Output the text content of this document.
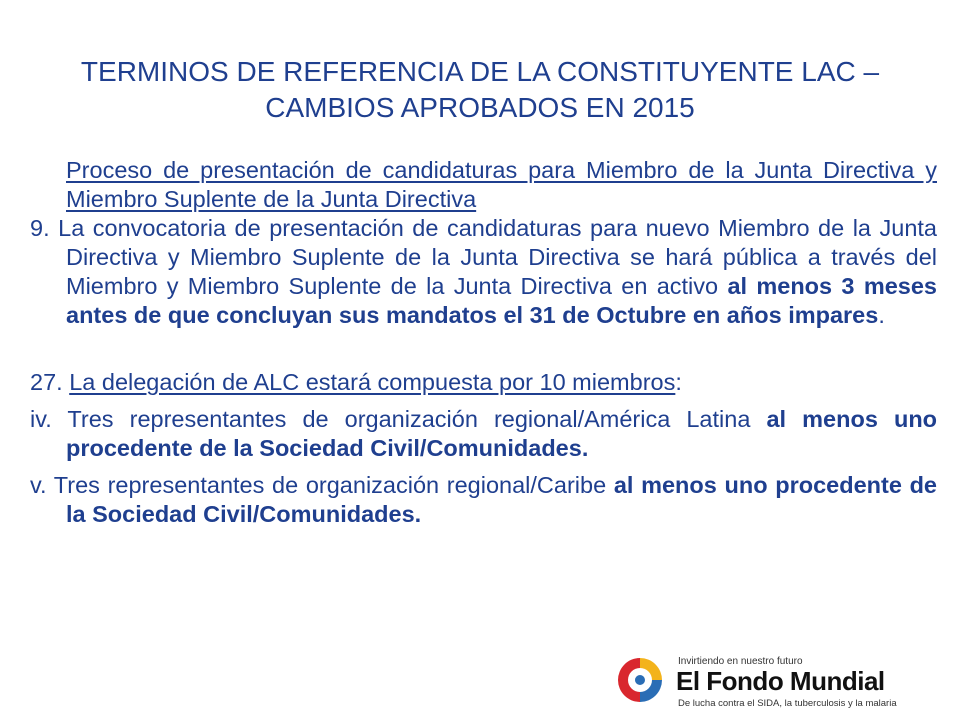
TERMINOS DE REFERENCIA DE LA CONSTITUYENTE LAC –
CAMBIOS APROBADOS EN 2015

Proceso de presentación de candidaturas para Miembro de la Junta Directiva y Miembro Suplente de la Junta Directiva

9. La convocatoria de presentación de candidaturas para nuevo Miembro de la Junta Directiva y Miembro Suplente de la Junta Directiva se hará pública a través del Miembro y Miembro Suplente de la Junta Directiva en activo al menos 3 meses antes de que concluyan sus mandatos el 31 de Octubre en años impares.

27. La delegación de ALC estará compuesta por 10 miembros:

iv. Tres representantes de organización regional/América Latina al menos uno procedente de la Sociedad Civil/Comunidades.

v. Tres representantes de organización regional/Caribe al menos uno procedente de la Sociedad Civil/Comunidades.

Invirtiendo en nuestro futuro
El Fondo Mundial
De lucha contra el SIDA, la tuberculosis y la malaria
